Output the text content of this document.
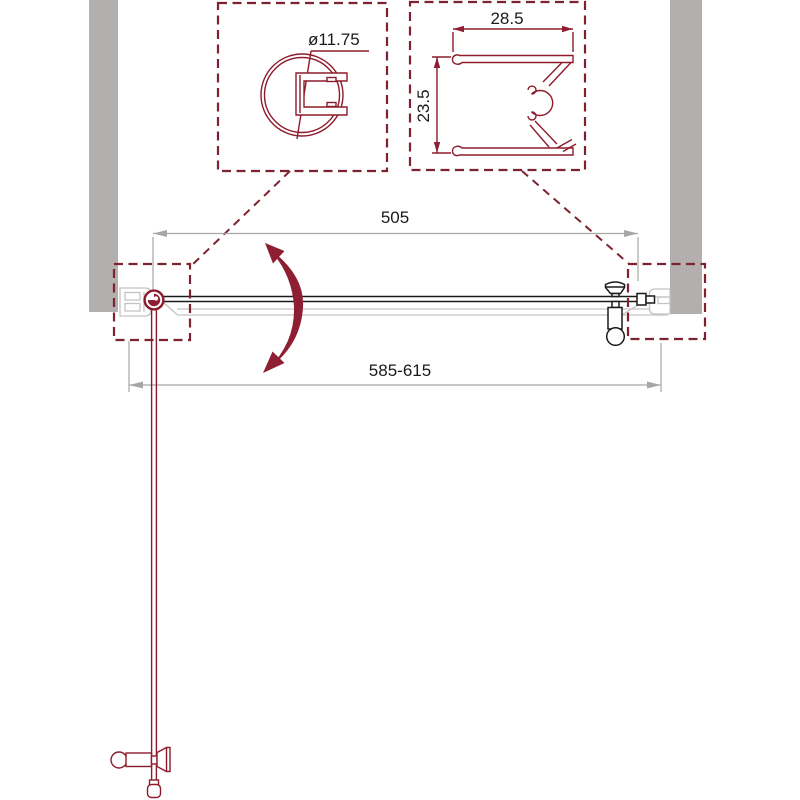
ø11.75
28.5
23.5
505
585-615
